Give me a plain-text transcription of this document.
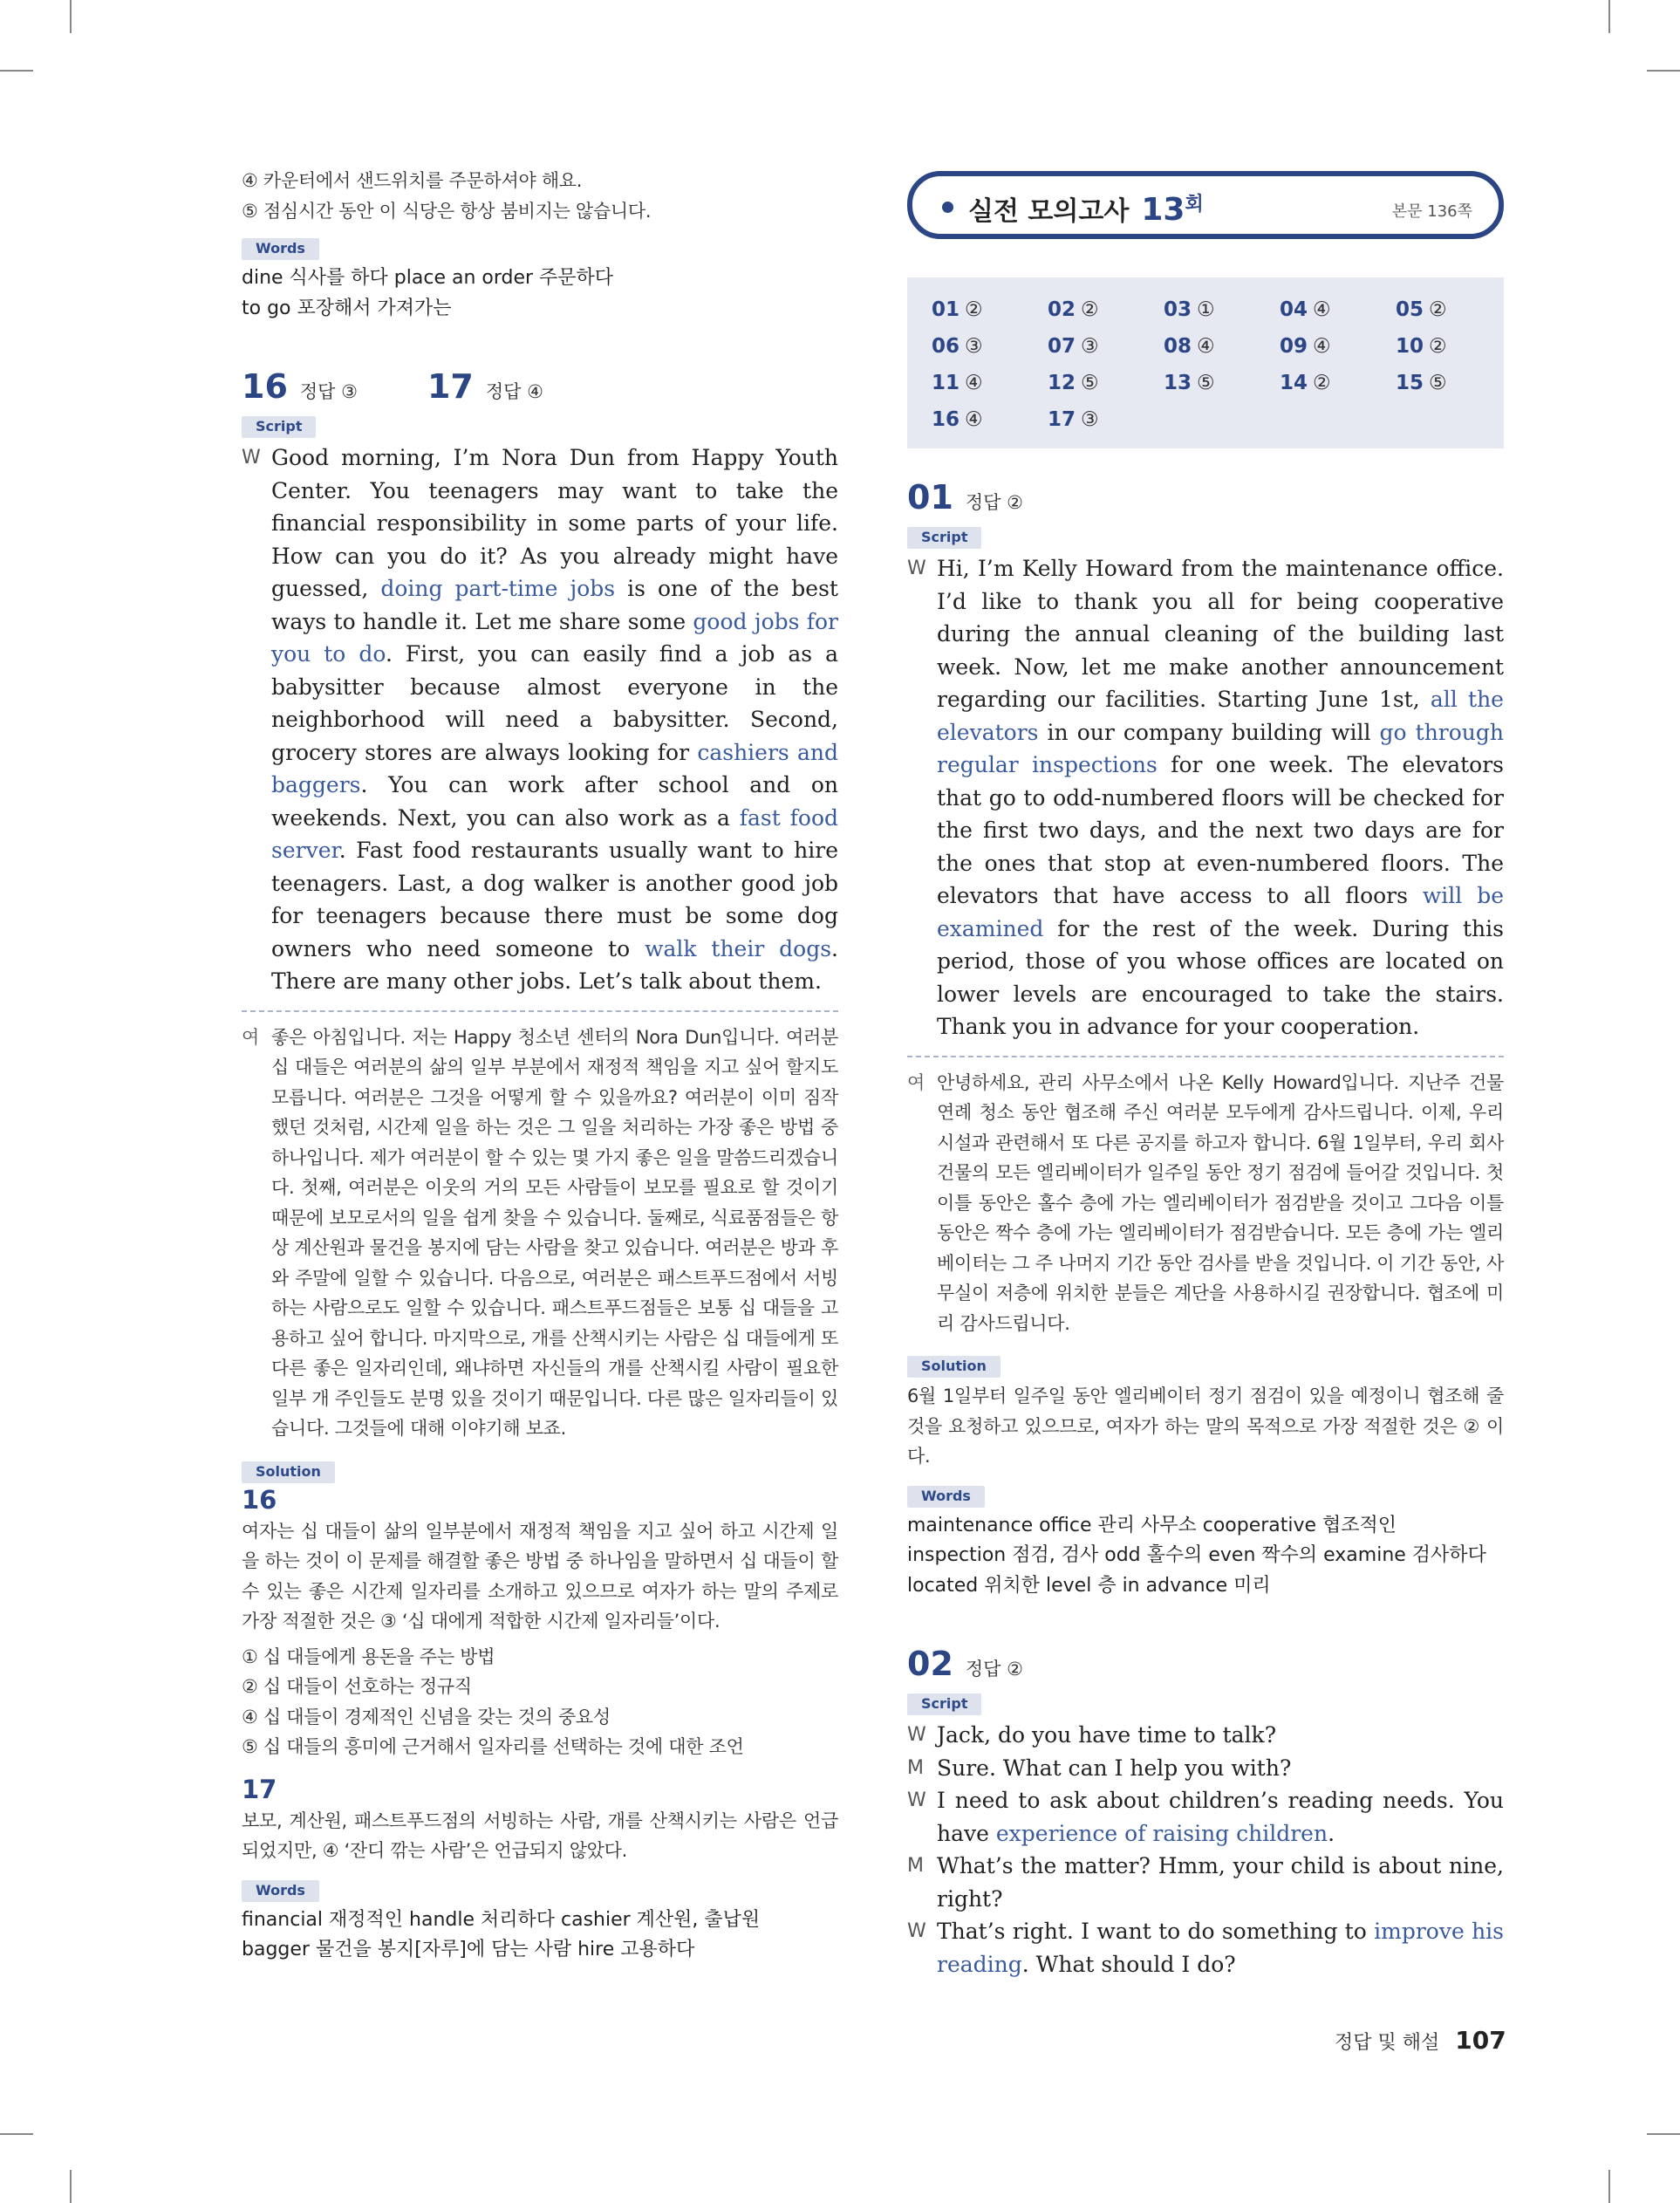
④ 카운터에서 샌드위치를 주문하셔야 해요.

⑤ 점심시간 동안 이 식당은 항상 붐비지는 않습니다.

Words
dine 식사를 하다 place an order 주문하다
to go 포장해서 가져가는
16 정답 ③ 17 정답 ④
Script
W Good morning, I’m Nora Dun from Happy Youth Center. You teenagers may want to take the financial responsibility in some parts of your life. How can you do it? As you already might have guessed, doing part-time jobs is one of the best ways to handle it. Let me share some good jobs for you to do. First, you can easily find a job as a babysitter because almost everyone in the neighborhood will need a babysitter. Second, grocery stores are always looking for cashiers and baggers. You can work after school and on weekends. Next, you can also work as a fast food server. Fast food restaurants usually want to hire teenagers. Last, a dog walker is another good job for teenagers because there must be some dog owners who need someone to walk their dogs. There are many other jobs. Let’s talk about them.
여 좋은 아침입니다. 저는 Happy 청소년 센터의 Nora Dun입니다. 여러분 십 대들은 여러분의 삶의 일부 부분에서 재정적 책임을 지고 싶어 할지도 모릅니다. 여러분은 그것을 어떻게 할 수 있을까요? 여러분이 이미 짐작했던 것처럼, 시간제 일을 하는 것은 그 일을 처리하는 가장 좋은 방법 중 하나입니다. 제가 여러분이 할 수 있는 몇 가지 좋은 일을 말씀드리겠습니다. 첫째, 여러분은 이웃의 거의 모든 사람들이 보모를 필요로 할 것이기 때문에 보모로서의 일을 쉽게 찾을 수 있습니다. 둘째로, 식료품점들은 항상 계산원과 물건을 봉지에 담는 사람을 찾고 있습니다. 여러분은 방과 후와 주말에 일할 수 있습니다. 다음으로, 여러분은 패스트푸드점에서 서빙하는 사람으로도 일할 수 있습니다. 패스트푸드점들은 보통 십 대들을 고용하고 싶어 합니다. 마지막으로, 개를 산책시키는 사람은 십 대들에게 또 다른 좋은 일자리인데, 왜냐하면 자신들의 개를 산책시킬 사람이 필요한 일부 개 주인들도 분명 있을 것이기 때문입니다. 다른 많은 일자리들이 있습니다. 그것들에 대해 이야기해 보죠.
Solution
16
여자는 십 대들이 삶의 일부분에서 재정적 책임을 지고 싶어 하고 시간제 일을 하는 것이 이 문제를 해결할 좋은 방법 중 하나임을 말하면서 십 대들이 할 수 있는 좋은 시간제 일자리를 소개하고 있으므로 여자가 하는 말의 주제로 가장 적절한 것은 ③ ‘십 대에게 적합한 시간제 일자리들’이다.

① 십 대들에게 용돈을 주는 방법

② 십 대들이 선호하는 정규직

④ 십 대들이 경제적인 신념을 갖는 것의 중요성

⑤ 십 대들의 흥미에 근거해서 일자리를 선택하는 것에 대한 조언

17
보모, 계산원, 패스트푸드점의 서빙하는 사람, 개를 산책시키는 사람은 언급되었지만, ④ ‘잔디 깎는 사람’은 언급되지 않았다.
Words
financial 재정적인 handle 처리하다 cashier 계산원, 출납원
bagger 물건을 봉지[자루]에 담는 사람 hire 고용하다
실전 모의고사 $13^회$	본문 136쪽
01 ②	02 ②	03 ①	04 ④	05 ②
06 ③	07 ③	08 ④	09 ④	10 ②
11 ④	12 ⑤	13 ⑤	14 ②	15 ⑤
16 ④	17 ③
01 정답 ②
Script
W Hi, I’m Kelly Howard from the maintenance office. I’d like to thank you all for being cooperative during the annual cleaning of the building last week. Now, let me make another announcement regarding our facilities. Starting June 1st, all the elevators in our company building will go through regular inspections for one week. The elevators that go to odd-numbered floors will be checked for the first two days, and the next two days are for the ones that stop at even-numbered floors. The elevators that have access to all floors will be examined for the rest of the week. During this period, those of you whose offices are located on lower levels are encouraged to take the stairs. Thank you in advance for your cooperation.
여 안녕하세요, 관리 사무소에서 나온 Kelly Howard입니다. 지난주 건물 연례 청소 동안 협조해 주신 여러분 모두에게 감사드립니다. 이제, 우리 시설과 관련해서 또 다른 공지를 하고자 합니다. 6월 1일부터, 우리 회사 건물의 모든 엘리베이터가 일주일 동안 정기 점검에 들어갈 것입니다. 첫 이틀 동안은 홀수 층에 가는 엘리베이터가 점검받을 것이고 그다음 이틀 동안은 짝수 층에 가는 엘리베이터가 점검받습니다. 모든 층에 가는 엘리베이터는 그 주 나머지 기간 동안 검사를 받을 것입니다. 이 기간 동안, 사무실이 저층에 위치한 분들은 계단을 사용하시길 권장합니다. 협조에 미리 감사드립니다.
Solution
6월 1일부터 일주일 동안 엘리베이터 정기 점검이 있을 예정이니 협조해 줄 것을 요청하고 있으므로, 여자가 하는 말의 목적으로 가장 적절한 것은 ② 이다.
Words
maintenance office 관리 사무소 cooperative 협조적인
inspection 점검, 검사 odd 홀수의 even 짝수의 examine 검사하다
located 위치한 level 층 in advance 미리
02 정답 ②
Script
W Jack, do you have time to talk?
M Sure. What can I help you with?
W I need to ask about children’s reading needs. You have experience of raising children.
M What’s the matter? Hmm, your child is about nine, right?
W That’s right. I want to do something to improve his reading. What should I do?
정답 및 해설 107
